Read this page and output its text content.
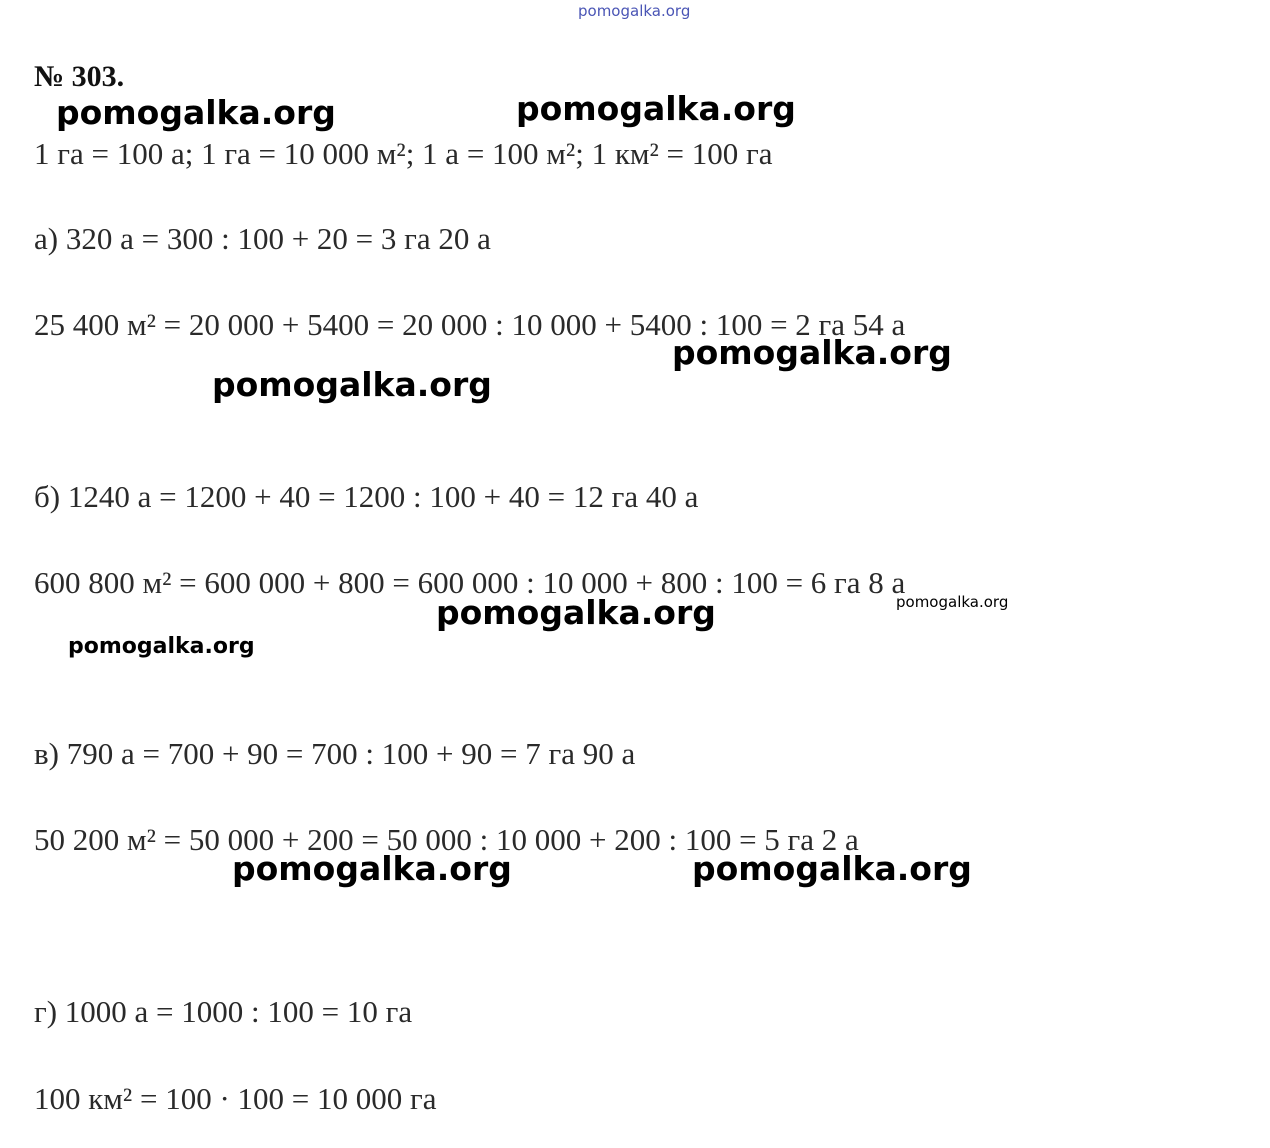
pomogalka.org
№ 303.
pomogalka.org	pomogalka.org
1 га = 100 а; 1 га = 10 000 м²; 1 а = 100 м²; 1 км² = 100 га
а) 320 а = 300 : 100 + 20 = 3 га 20 а
25 400 м² = 20 000 + 5400 = 20 000 : 10 000 + 5400 : 100 = 2 га 54 а
pomogalka.org
pomogalka.org
б) 1240 а = 1200 + 40 = 1200 : 100 + 40 = 12 га 40 а
600 800 м² = 600 000 + 800 = 600 000 : 10 000 + 800 : 100 = 6 га 8 а
pomogalka.org	pomogalka.org
pomogalka.org
в) 790 а = 700 + 90 = 700 : 100 + 90 = 7 га 90 а
50 200 м² = 50 000 + 200 = 50 000 : 10 000 + 200 : 100 = 5 га 2 а
pomogalka.org	pomogalka.org
г) 1000 а = 1000 : 100 = 10 га
100 км² = 100 · 100 = 10 000 га
